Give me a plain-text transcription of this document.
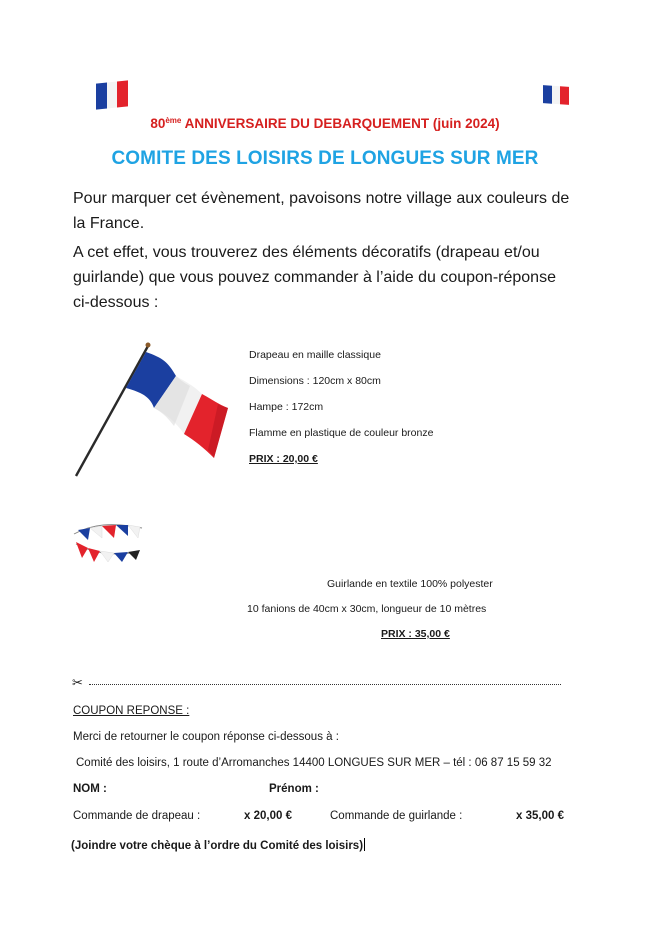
80ème ANNIVERSAIRE DU DEBARQUEMENT (juin 2024)
COMITE DES LOISIRS DE LONGUES SUR MER
Pour marquer cet évènement, pavoisons notre village aux couleurs de
la France.
A cet effet, vous trouverez des éléments décoratifs (drapeau et/ou
guirlande) que vous pouvez commander à l’aide du coupon-réponse
ci-dessous :
Drapeau en maille classique
Dimensions : 120cm x 80cm
Hampe : 172cm
Flamme en plastique de couleur bronze
PRIX : 20,00 €
Guirlande en textile 100% polyester
10 fanions de 40cm x 30cm, longueur de 10 mètres
PRIX : 35,00 €
✂
COUPON REPONSE :
Merci de retourner le coupon réponse ci-dessous à :
Comité des loisirs, 1 route d’Arromanches 14400 LONGUES SUR MER – tél : 06 87 15 59 32
NOM :	Prénom :
Commande de drapeau :	x 20,00 €	Commande de guirlande :	x 35,00 €
(Joindre votre chèque à l’ordre du Comité des loisirs)
